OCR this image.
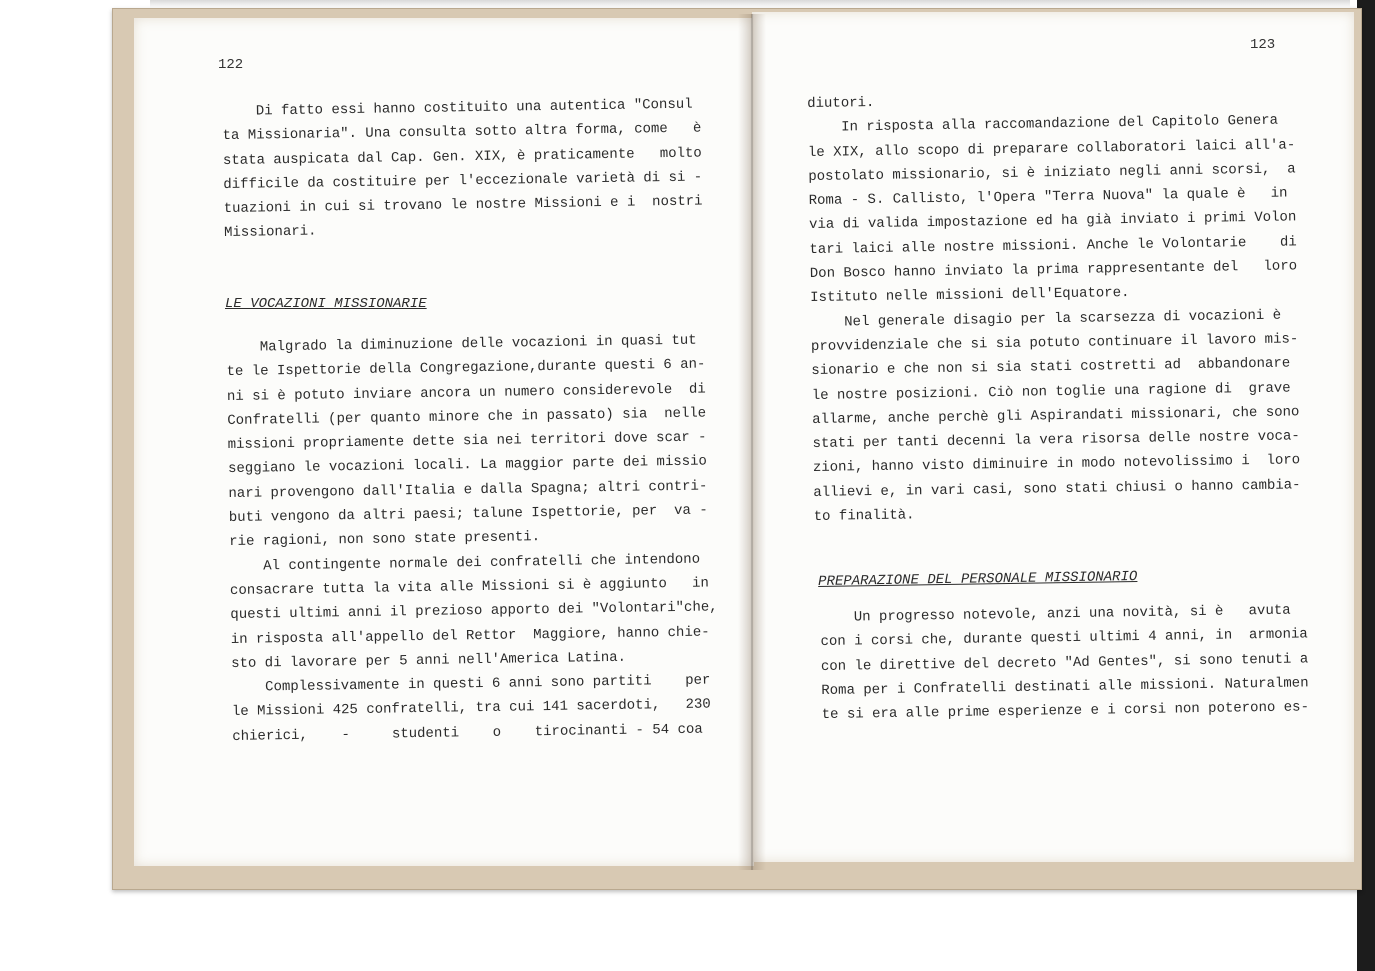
122
Di fatto essi hanno costituito una autentica "Consul
ta Missionaria". Una consulta sotto altra forma, come   è
stata auspicata dal Cap. Gen. XIX, è praticamente   molto
difficile da costituire per l'eccezionale varietà di si -
tuazioni in cui si trovano le nostre Missioni e i  nostri
Missionari.
LE VOCAZIONI MISSIONARIE
Malgrado la diminuzione delle vocazioni in quasi tut
te le Ispettorie della Congregazione,durante questi 6 an-
ni si è potuto inviare ancora un numero considerevole  di
Confratelli (per quanto minore che in passato) sia  nelle
missioni propriamente dette sia nei territori dove scar -
seggiano le vocazioni locali. La maggior parte dei missio
nari provengono dall'Italia e dalla Spagna; altri contri-
buti vengono da altri paesi; talune Ispettorie, per  va -
rie ragioni, non sono state presenti.
Al contingente normale dei confratelli che intendono
consacrare tutta la vita alle Missioni si è aggiunto   in
questi ultimi anni il prezioso apporto dei "Volontari"che,
in risposta all'appello del Rettor  Maggiore, hanno chie-
sto di lavorare per 5 anni nell'America Latina.
Complessivamente in questi 6 anni sono partiti    per
le Missioni 425 confratelli, tra cui 141 sacerdoti,   230
chierici,    -     studenti    o    tirocinanti - 54 coa
123
diutori.
In risposta alla raccomandazione del Capitolo Genera
le XIX, allo scopo di preparare collaboratori laici all'a-
postolato missionario, si è iniziato negli anni scorsi,  a
Roma - S. Callisto, l'Opera "Terra Nuova" la quale è   in
via di valida impostazione ed ha già inviato i primi Volon
tari laici alle nostre missioni. Anche le Volontarie    di
Don Bosco hanno inviato la prima rappresentante del   loro
Istituto nelle missioni dell'Equatore.
Nel generale disagio per la scarsezza di vocazioni è
provvidenziale che si sia potuto continuare il lavoro mis-
sionario e che non si sia stati costretti ad  abbandonare
le nostre posizioni. Ciò non toglie una ragione di  grave
allarme, anche perchè gli Aspirandati missionari, che sono
stati per tanti decenni la vera risorsa delle nostre voca-
zioni, hanno visto diminuire in modo notevolissimo i  loro
allievi e, in vari casi, sono stati chiusi o hanno cambia-
to finalità.
PREPARAZIONE DEL PERSONALE MISSIONARIO
Un progresso notevole, anzi una novità, si è   avuta
con i corsi che, durante questi ultimi 4 anni, in  armonia
con le direttive del decreto "Ad Gentes", si sono tenuti a
Roma per i Confratelli destinati alle missioni. Naturalmen
te si era alle prime esperienze e i corsi non poterono es-
